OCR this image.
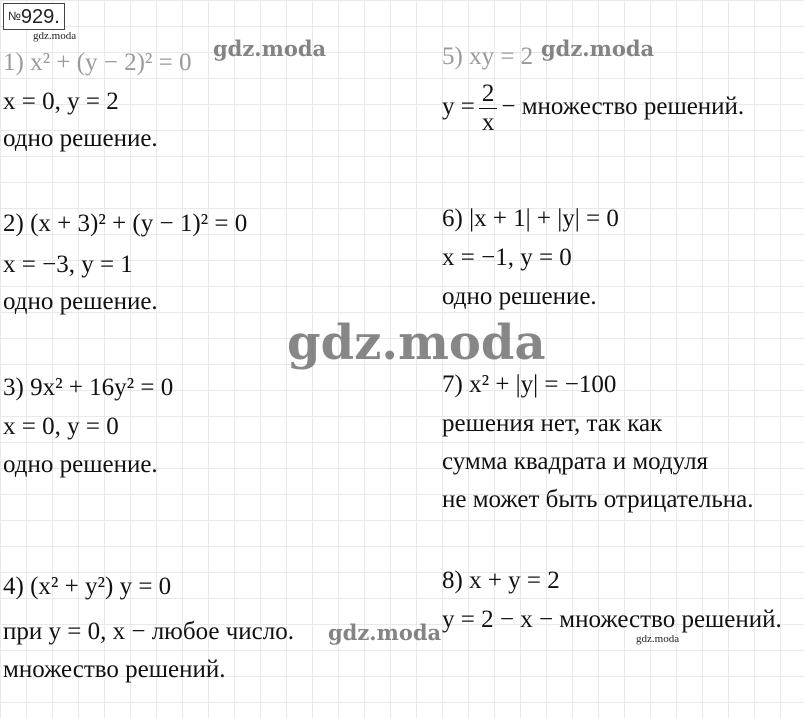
№929.
gdz.moda
1) x² + (y − 2)² = 0
x = 0, y = 2
одно решение.
2) (x + 3)² + (y − 1)² = 0
x = −3, y = 1
одно решение.
3) 9x² + 16y² = 0
x = 0, y = 0
одно решение.
4) (x² + y²) y = 0
при y = 0, x − любое число.
множество решений.
5) xy = 2
$y = \frac{2}{x}$ − множество решений.
6) |x + 1| + |y| = 0
x = −1, y = 0
одно решение.
7) x² + |y| = −100
решения нет, так как
сумма квадрата и модуля
не может быть отрицательна.
8) x + y = 2
y = 2 − x − множество решений.
gdz.moda	gdz.moda
gdz.moda
gdz.moda	gdz.moda
